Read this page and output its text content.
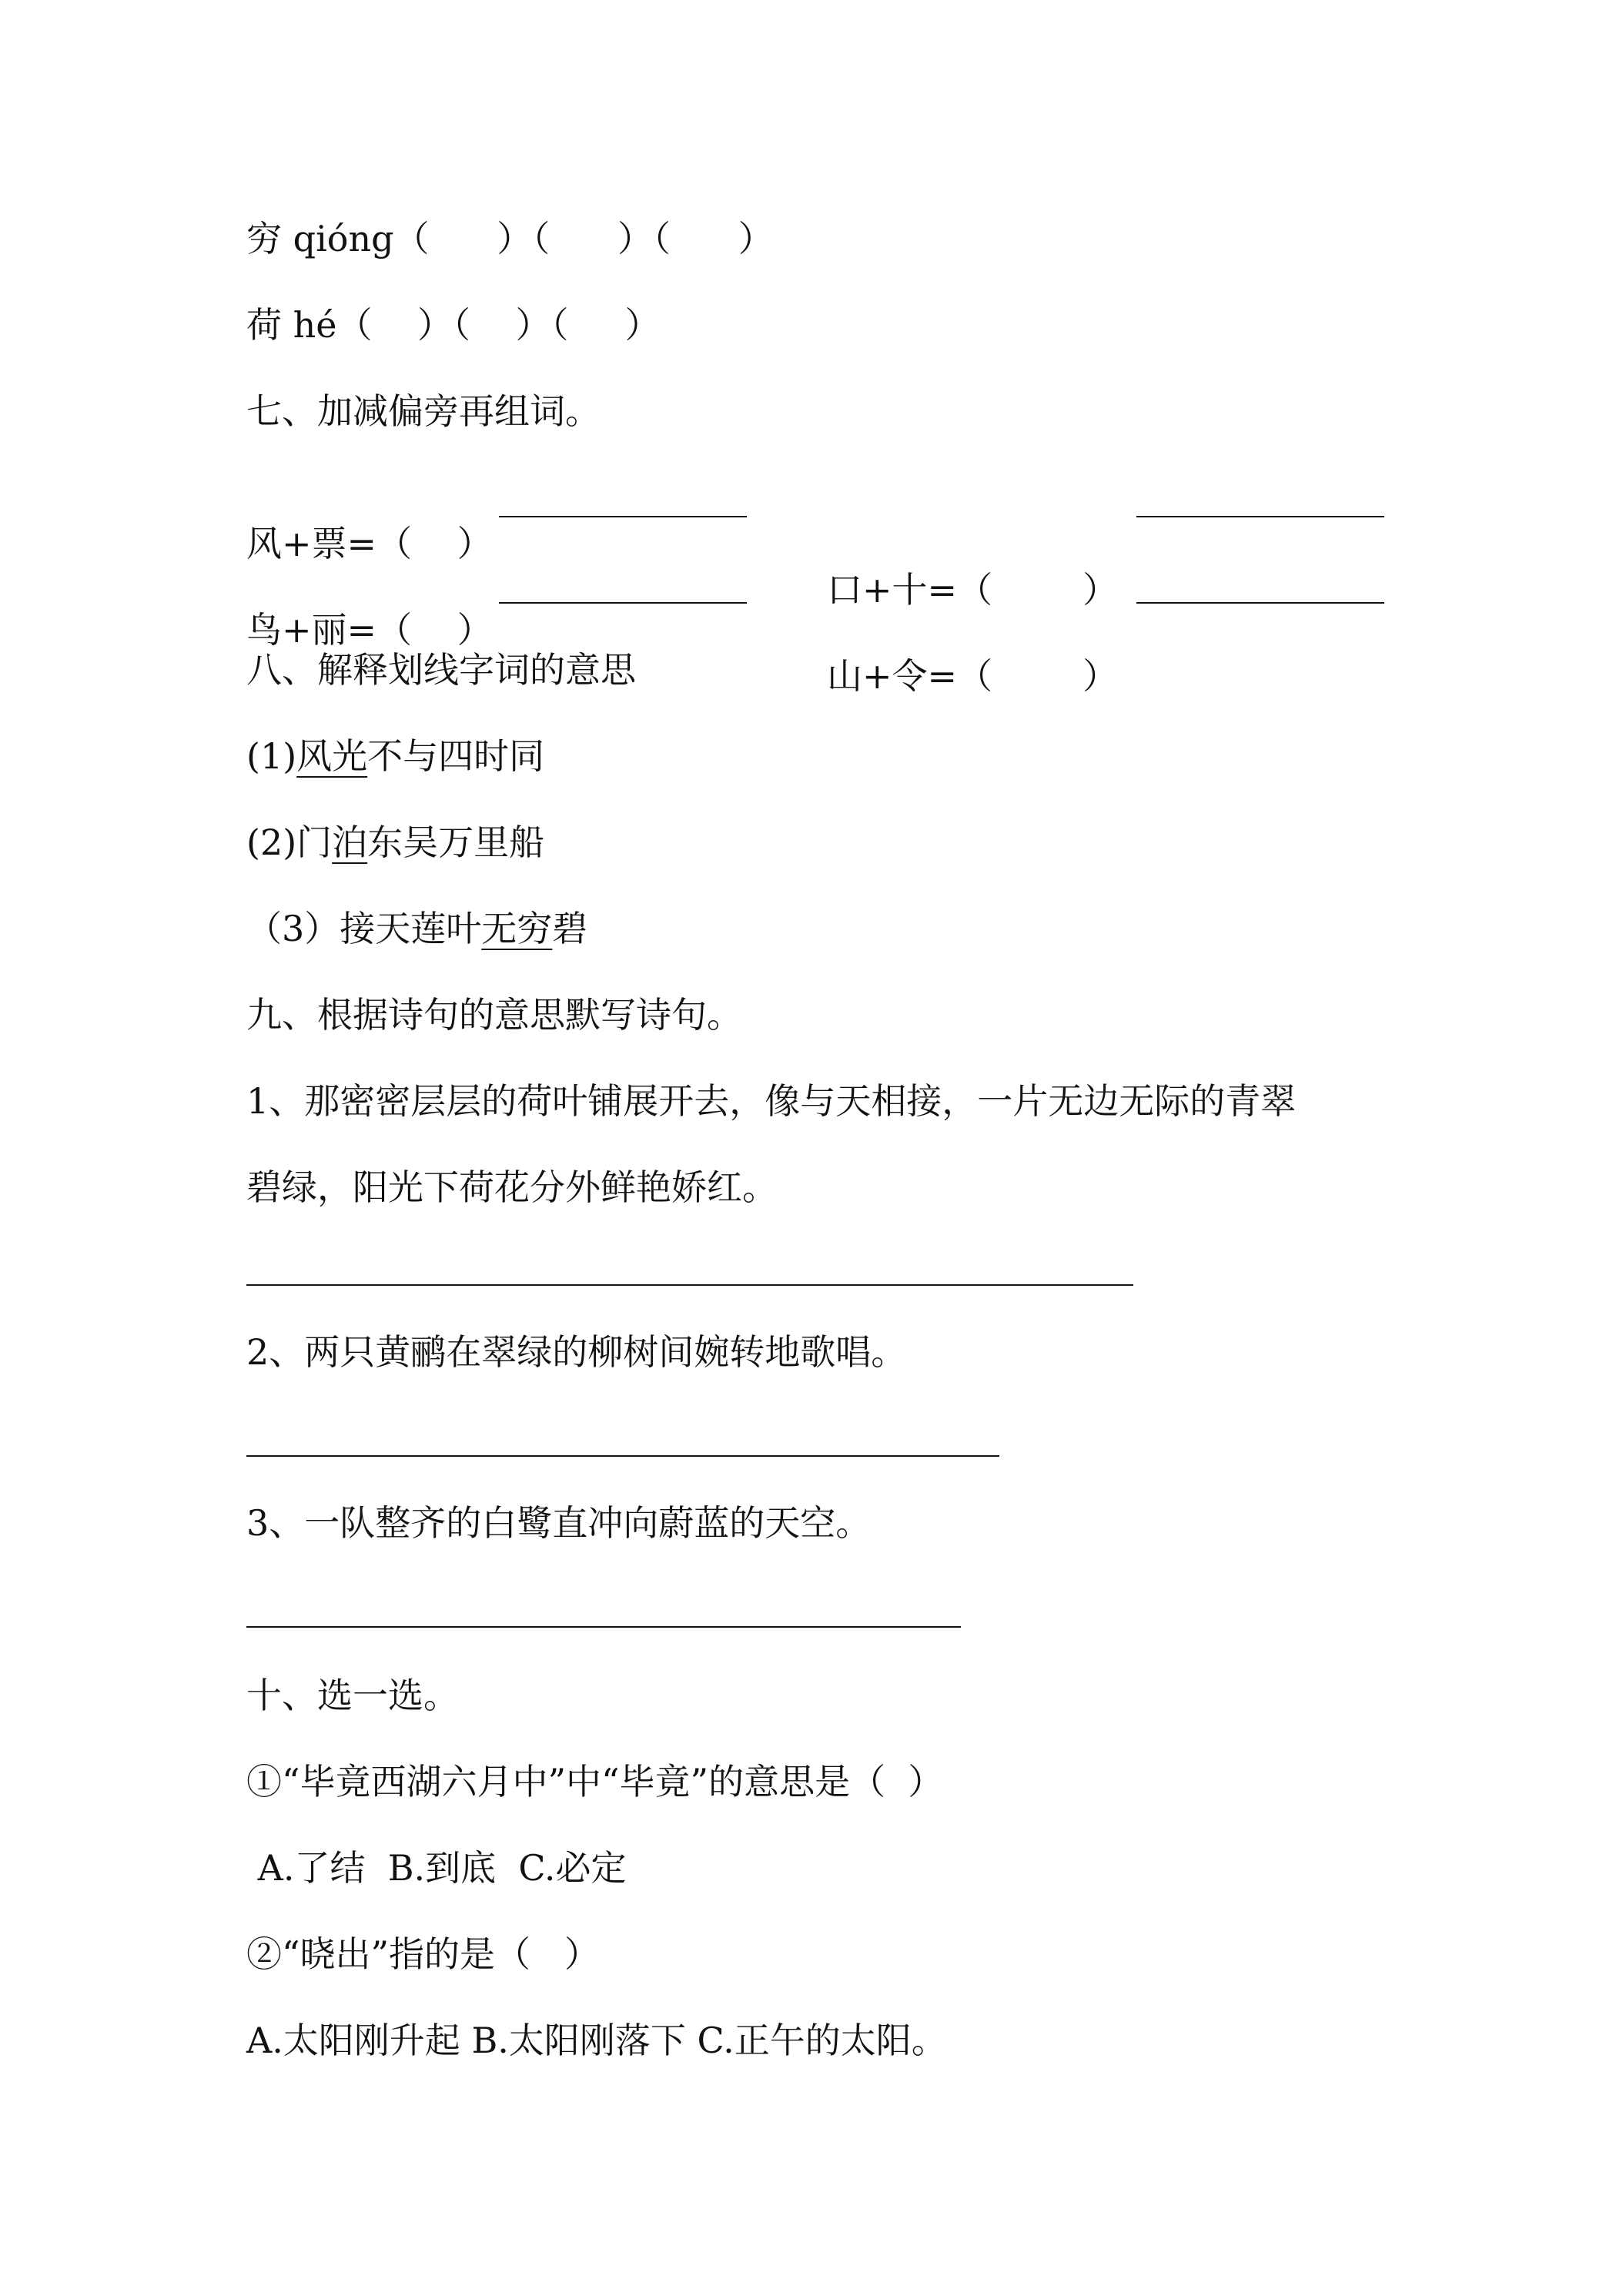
穷 qióng（      ）（      ）（      ）
荷 hé（    ）（    ）（     ）
七、加减偏旁再组词。

风+票=（    ）

口+十=（        ）

鸟+丽=（    ）

山+令=（        ）

八、解释划线字词的意思
(1)风光不与四时同
(2)门泊东吴万里船
（3）接天莲叶无穷碧
九、根据诗句的意思默写诗句。
1、那密密层层的荷叶铺展开去，像与天相接，一片无边无际的青翠
碧绿，阳光下荷花分外鲜艳娇红。
2、两只黄鹂在翠绿的柳树间婉转地歌唱。
3、一队整齐的白鹭直冲向蔚蓝的天空。
十、选一选。
①“毕竟西湖六月中”中“毕竟”的意思是（  ）
A.了结  B.到底  C.必定
②“晓出”指的是（   ）
A.太阳刚升起 B.太阳刚落下 C.正午的太阳。
